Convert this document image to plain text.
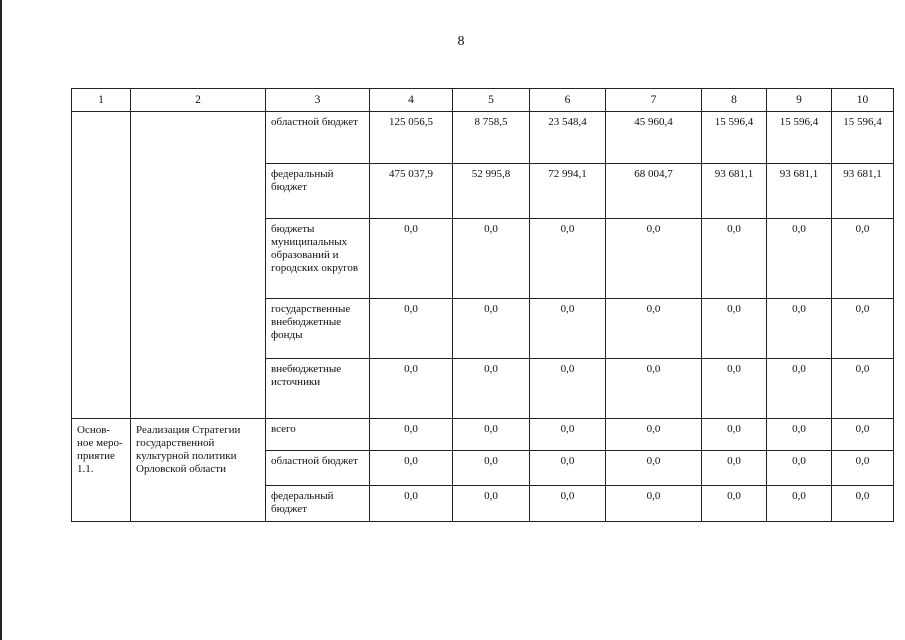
8
1	2	3	4	5	6	7	8	9	10
		областной бюджет	125 056,5	8 758,5	23 548,4	45 960,4	15 596,4	15 596,4	15 596,4
		федеральный бюджет	475 037,9	52 995,8	72 994,1	68 004,7	93 681,1	93 681,1	93 681,1
		бюджеты муниципальных образований и городских округов	0,0	0,0	0,0	0,0	0,0	0,0	0,0
		государственные внебюджетные фонды	0,0	0,0	0,0	0,0	0,0	0,0	0,0
		внебюджетные источники	0,0	0,0	0,0	0,0	0,0	0,0	0,0
Основ-ное меро-приятие 1.1.	Реализация Стратегии государственной культурной политики Орловской области	всего	0,0	0,0	0,0	0,0	0,0	0,0	0,0
		областной бюджет	0,0	0,0	0,0	0,0	0,0	0,0	0,0
		федеральный бюджет	0,0	0,0	0,0	0,0	0,0	0,0	0,0
